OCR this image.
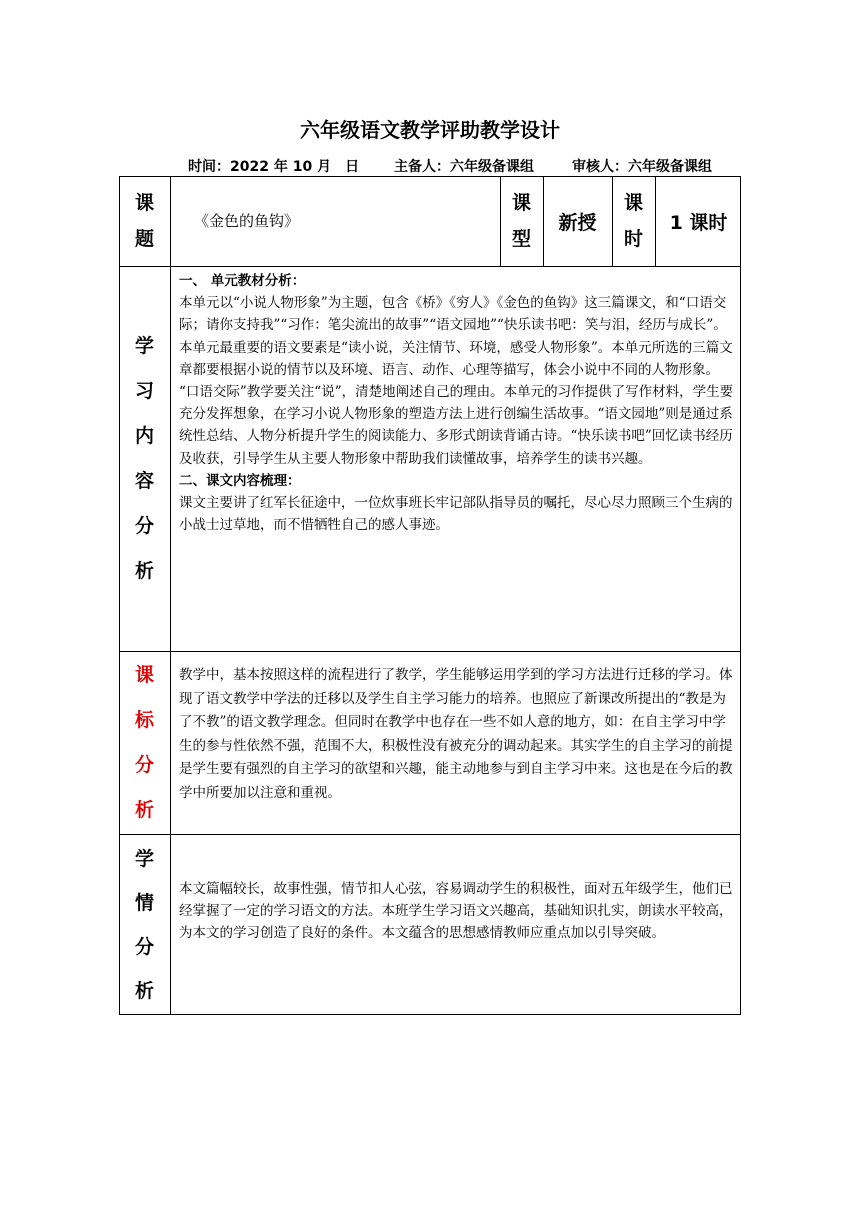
六年级语文教学评助教学设计
时间：2022 年 10 月　日 主备人：六年级备课组	审核人：六年级备课组
课
题
《金色的鱼钩》
课
型
新授
课
时
1 课时
学
习
内
容
分
析

一、 单元教材分析：

本单元以“小说人物形象”为主题，包含《桥》《穷人》《金色的鱼钩》这三篇课文，和“口语交际；请你支持我”“习作：笔尖流出的故事”“语文园地”“快乐读书吧：笑与泪，经历与成长”。

本单元最重要的语文要素是“读小说，关注情节、环境，感受人物形象”。本单元所选的三篇文章都要根据小说的情节以及环境、语言、动作、心理等描写，体会小说中不同的人物形象。

“口语交际”教学要关注“说”，清楚地阐述自己的理由。本单元的习作提供了写作材料，学生要充分发挥想象，在学习小说人物形象的塑造方法上进行创编生活故事。“语文园地”则是通过系统性总结、人物分析提升学生的阅读能力、多形式朗读背诵古诗。“快乐读书吧”回忆读书经历及收获，引导学生从主要人物形象中帮助我们读懂故事，培养学生的读书兴趣。

二、课文内容梳理：

课文主要讲了红军长征途中，一位炊事班长牢记部队指导员的嘱托，尽心尽力照顾三个生病的小战士过草地，而不惜牺牲自己的感人事迹。

课
标
分
析

教学中，基本按照这样的流程进行了教学，学生能够运用学到的学习方法进行迁移的学习。体现了语文教学中学法的迁移以及学生自主学习能力的培养。也照应了新课改所提出的“教是为了不教”的语文教学理念。但同时在教学中也存在一些不如人意的地方，如：在自主学习中学生的参与性依然不强，范围不大，积极性没有被充分的调动起来。其实学生的自主学习的前提是学生要有强烈的自主学习的欲望和兴趣，能主动地参与到自主学习中来。这也是在今后的教学中所要加以注意和重视。

学
情
分
析

本文篇幅较长，故事性强，情节扣人心弦，容易调动学生的积极性，面对五年级学生，他们已经掌握了一定的学习语文的方法。本班学生学习语文兴趣高，基础知识扎实，朗读水平较高，为本文的学习创造了良好的条件。本文蕴含的思想感情教师应重点加以引导突破。
